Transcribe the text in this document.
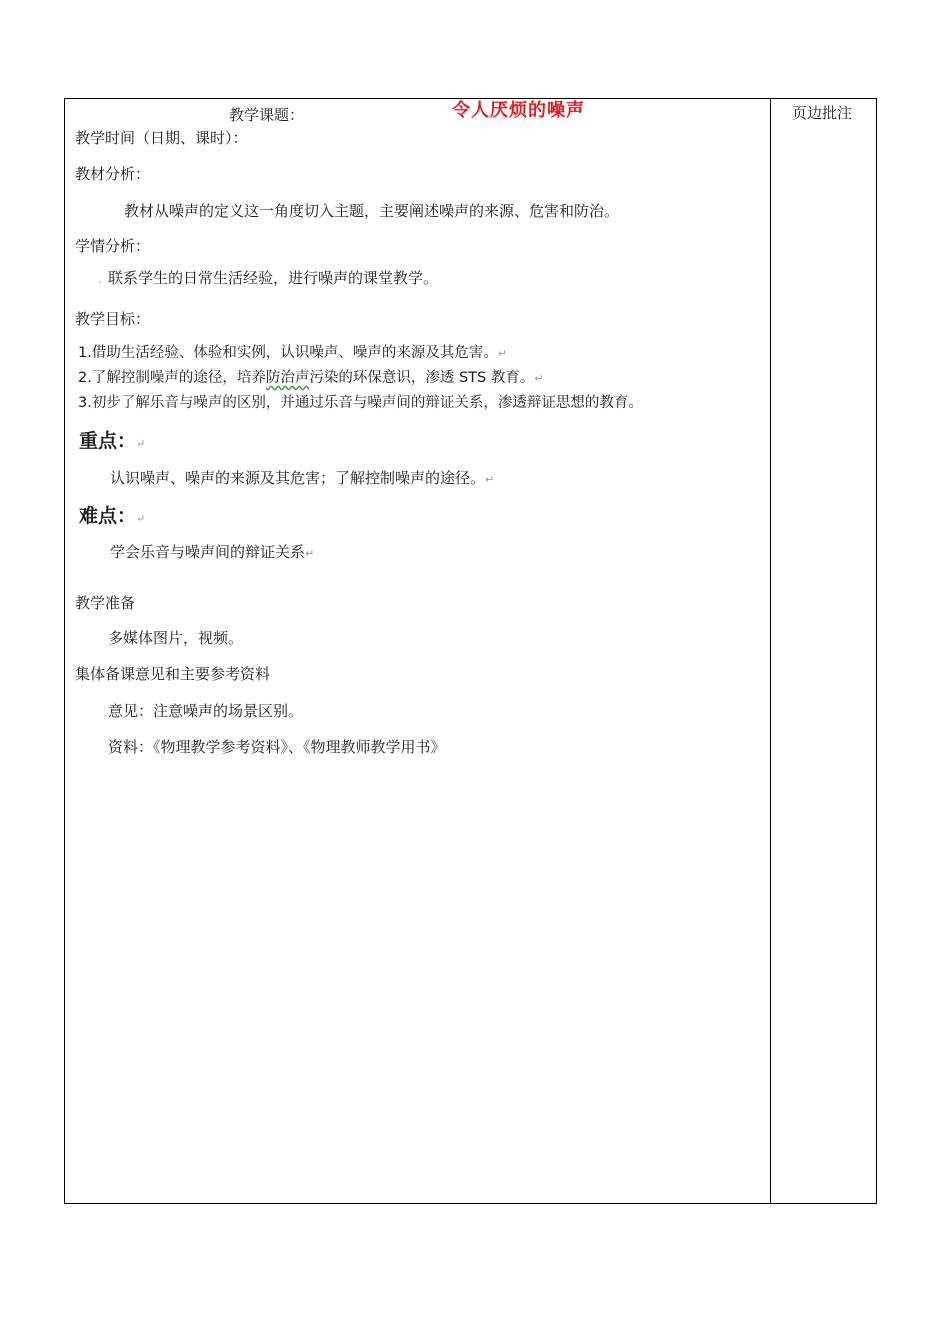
教学课题：	令人厌烦的噪声	页边批注
教学时间（日期、课时）：
教材分析：
教材从噪声的定义这一角度切入主题，主要阐述噪声的来源、危害和防治。
学情分析：
. 联系学生的日常生活经验，进行噪声的课堂教学。
教学目标：
1.借助生活经验、体验和实例，认识噪声、噪声的来源及其危害。↵
2.了解控制噪声的途径，培养防治声污染的环保意识，渗透 STS 教育。↵
3.初步了解乐音与噪声的区别，并通过乐音与噪声间的辩证关系，渗透辩证思想的教育。
重点：↵
认识噪声、噪声的来源及其危害；了解控制噪声的途径。↵
难点：↵
学会乐音与噪声间的辩证关系↵
教学准备
多媒体图片，视频。
集体备课意见和主要参考资料
意见：注意噪声的场景区别。
资料：《物理教学参考资料》、《物理教师教学用书》
